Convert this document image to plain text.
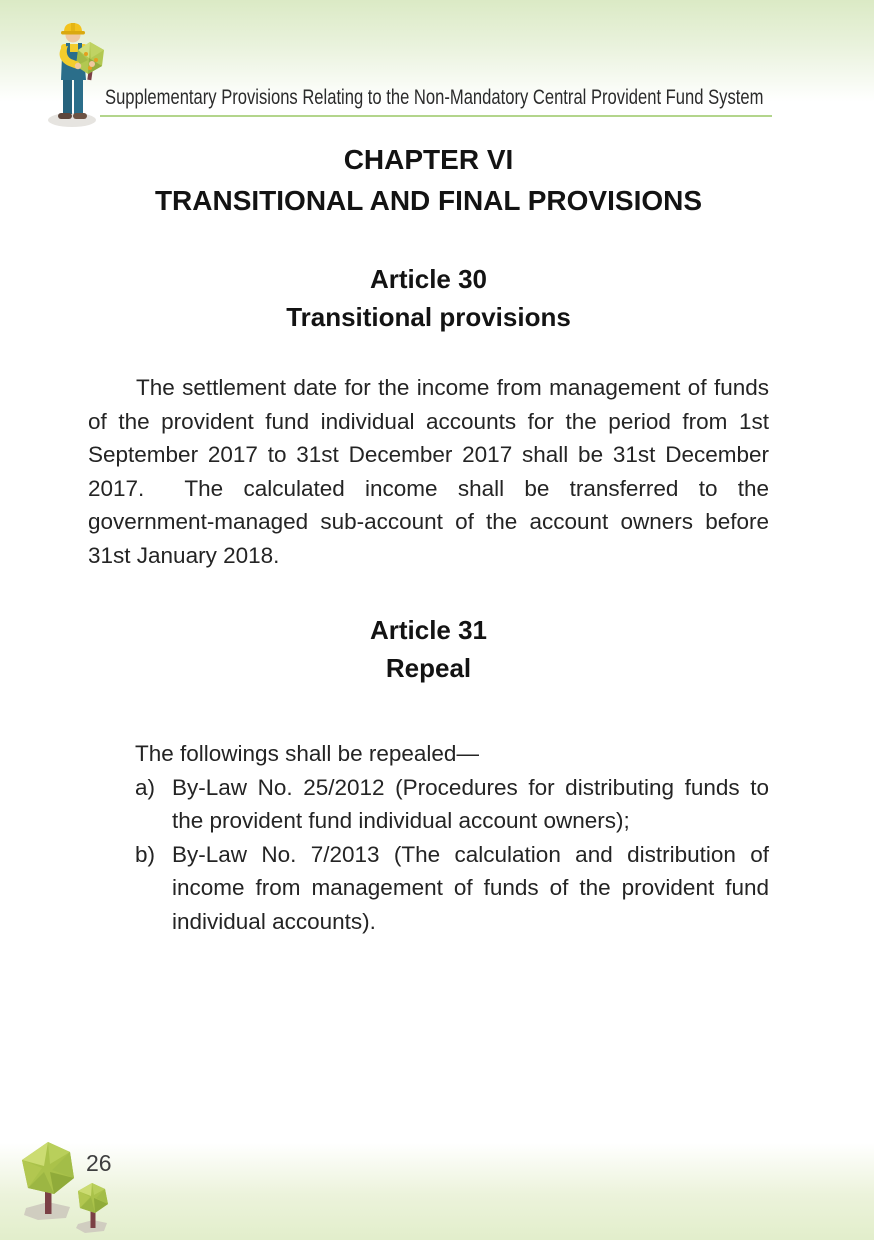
Supplementary Provisions Relating to the Non-Mandatory Central Provident Fund System
CHAPTER VI
TRANSITIONAL AND FINAL PROVISIONS
Article 30
Transitional provisions
The settlement date for the income from management of funds of the provident fund individual accounts for the period from 1st September 2017 to 31st December 2017 shall be 31st December 2017.  The calculated income shall be transferred to the government-managed sub-account of the account owners before 31st January 2018.
Article 31
Repeal
The followings shall be repealed—
a) By-Law No. 25/2012 (Procedures for distributing funds to the provident fund individual account owners);
b) By-Law No. 7/2013 (The calculation and distribution of income from management of funds of the provident fund individual accounts).
26
